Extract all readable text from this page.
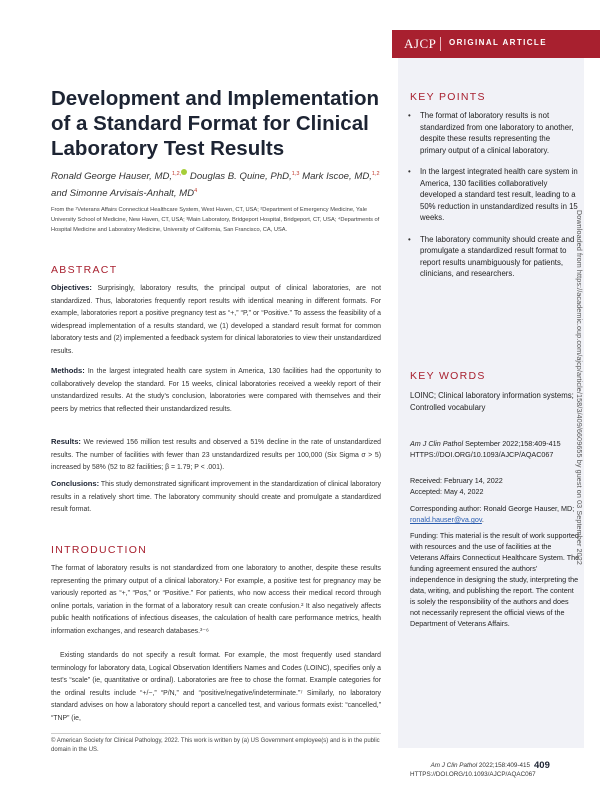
AJCP ORIGINAL ARTICLE
Development and Implementation of a Standard Format for Clinical Laboratory Test Results
Ronald George Hauser, MD,$^{1,2,}$ Douglas B. Quine, PhD,$^{1,3}$ Mark Iscoe, MD,$^{1,2}$
and Simonne Arvisais-Anhalt, $MD^4$
From the ¹Veterans Affairs Connecticut Healthcare System, West Haven, CT, USA; ²Department of Emergency Medicine, Yale University School of Medicine, New Haven, CT, USA; ³Main Laboratory, Bridgeport Hospital, Bridgeport, CT, USA; ⁴Departments of Hospital Medicine and Laboratory Medicine, University of California, San Francisco, CA, USA.
ABSTRACT
Objectives: Surprisingly, laboratory results, the principal output of clinical laboratories, are not standardized. Thus, laboratories frequently report results with identical meaning in different formats. For example, laboratories report a positive pregnancy test as “+,” “P,” or “Positive.” To assess the feasibility of a widespread implementation of a results standard, we (1) developed a standard result format for common laboratory tests and (2) implemented a feedback system for clinical laboratories to view their unstandardized results.
Methods: In the largest integrated health care system in America, 130 facilities had the opportunity to collaboratively develop the standard. For 15 weeks, clinical laboratories received a weekly report of their unstandardized results. At the study’s conclusion, laboratories were compared with themselves and their peers by metrics that reflected their unstandardized results.
Results: We reviewed 156 million test results and observed a 51% decline in the rate of unstandardized results. The number of facilities with fewer than 23 unstandardized results per 100,000 (Six Sigma σ > 5) increased by 58% (52 to 82 facilities; β = 1.79; P < .001).
Conclusions: This study demonstrated significant improvement in the standardization of clinical laboratory results in a relatively short time. The laboratory community should create and promulgate a standardized result format.
INTRODUCTION
The format of laboratory results is not standardized from one laboratory to another, despite these results representing the primary output of a clinical laboratory.¹ For example, a positive test for pregnancy may be variously reported as “+,” “Pos,” or “Positive.” For patients, who now access their medical record through online portals, variation in the format of a laboratory result can create confusion.² It also negatively affects public health notifications of infectious diseases, the calculation of health care performance metrics, health information exchanges, and research databases.³⁻⁶
Existing standards do not specify a result format. For example, the most frequently used standard terminology for laboratory data, Logical Observation Identifiers Names and Codes (LOINC), specifies only a test’s “scale” (ie, quantitative or ordinal). Laboratories are free to chose the format. Example categories for the ordinal results include “+/−,” “P/N,” and “positive/negative/indeterminate.”⁷ Similarly, no laboratory standard advises on how a laboratory should report a cancelled test, and various formats exist: “cancelled,” “TNP” (ie,
KEY POINTS
• The format of laboratory results is not standardized from one laboratory to another, despite these results representing the primary output of a clinical laboratory.
• In the largest integrated health care system in America, 130 facilities collaboratively developed a standard test result, leading to a 50% reduction in unstandardized results in 15 weeks.
• The laboratory community should create and promulgate a standardized result format to report results unambiguously for patients, clinicians, and researchers.
KEY WORDS
LOINC; Clinical laboratory information systems; Controlled vocabulary
Am J Clin Pathol September 2022;158:409-415
HTTPS://DOI.ORG/10.1093/AJCP/AQAC067
Received: February 14, 2022
Accepted: May 4, 2022
Corresponding author: Ronald George Hauser, MD; ronald.hauser@va.gov.
Funding: This material is the result of work supported with resources and the use of facilities at the Veterans Affairs Connecticut Healthcare System. The funding agreement ensured the authors’ independence in designing the study, interpreting the data, writing, and publishing the report. The content is solely the responsibility of the authors and does not necessarily represent the official views of the Department of Veterans Affairs.
© American Society for Clinical Pathology, 2022. This work is written by (a) US Government employee(s) and is in the public domain in the US.
Am J Clin Pathol 2022;158:409-415
HTTPS://DOI.ORG/10.1093/AJCP/AQAC067
409
Downloaded from https://academic.oup.com/ajcp/article/158/3/409/6609655 by guest on 03 September 2022
